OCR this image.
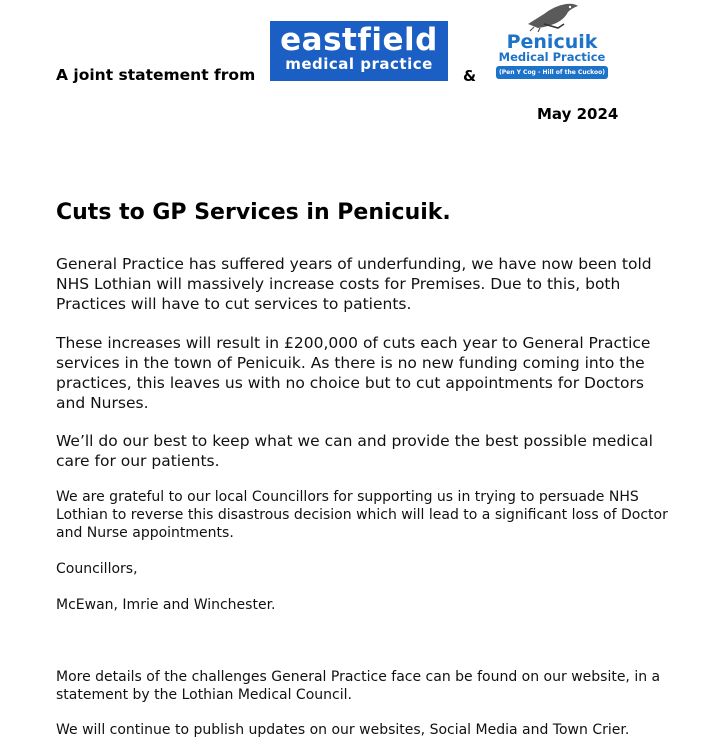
A joint statement from
eastfield
medical practice
&
Penicuik
Medical Practice
(Pen Y Cog - Hill of the Cuckoo)
May 2024
Cuts to GP Services in Penicuik.

General Practice has suffered years of underfunding, we have now been told NHS Lothian will massively increase costs for Premises. Due to this, both Practices will have to cut services to patients.

These increases will result in £200,000 of cuts each year to General Practice services in the town of Penicuik. As there is no new funding coming into the practices, this leaves us with no choice but to cut appointments for Doctors and Nurses.

We’ll do our best to keep what we can and provide the best possible medical care for our patients.

We are grateful to our local Councillors for supporting us in trying to persuade NHS Lothian to reverse this disastrous decision which will lead to a significant loss of Doctor and Nurse appointments.

Councillors,

McEwan, Imrie and Winchester.

More details of the challenges General Practice face can be found on our website, in a statement by the Lothian Medical Council.

We will continue to publish updates on our websites, Social Media and Town Crier.
